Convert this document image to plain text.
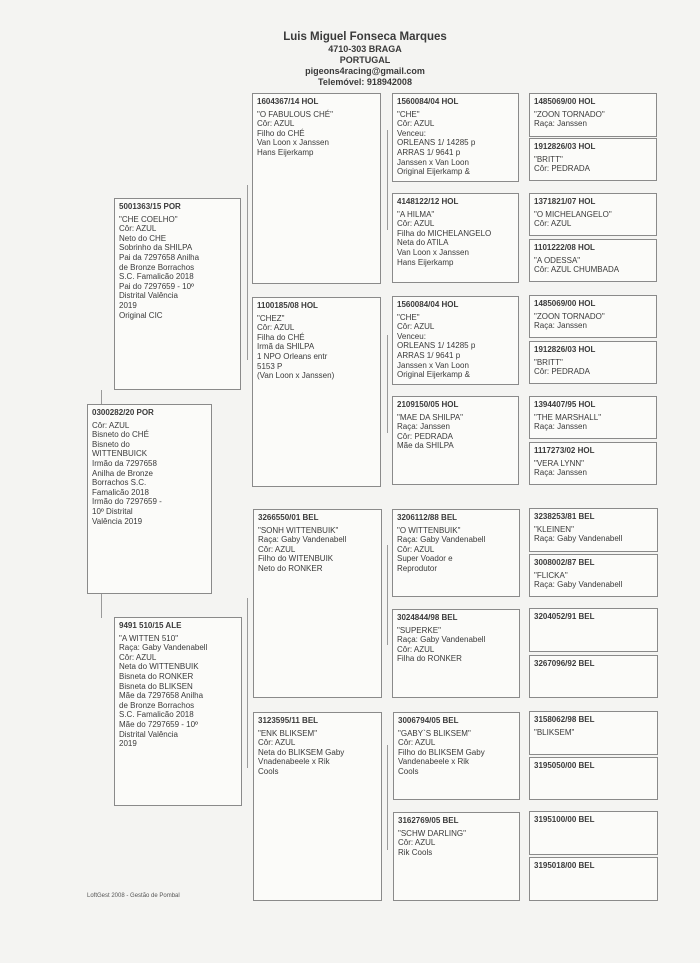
Luis Miguel Fonseca Marques
4710-303 BRAGA
PORTUGAL
pigeons4racing@gmail.com
Telemóvel: 918942008
0300282/20 POR
Côr: AZUL
Bisneto do CHÉ
Bisneto do
WITTENBUICK
Irmão da 7297658
Anilha de Bronze
Borrachos S.C.
Famalicão 2018
Irmão do 7297659 -
10º Distrital
Valência 2019
5001363/15 POR
"CHE COELHO"
Côr: AZUL
Neto do CHE
Sobrinho da SHILPA
Pai da 7297658 Anilha
de Bronze Borrachos
S.C. Famalicão 2018
Pai do 7297659 - 10º
Distrital Valência
2019
Original CIC
9491 510/15 ALE
"A WITTEN 510"
Raça: Gaby Vandenabell
Côr: AZUL
Neta do WITTENBUIK
Bisneta do RONKER
Bisneta do BLIKSEN
Mãe da 7297658 Anilha
de Bronze Borrachos
S.C. Famalicão 2018
Mãe do 7297659 - 10º
Distrital Valência
2019
1604367/14 HOL
"O FABULOUS CHÉ"
Côr: AZUL
Filho do CHÉ
Van Loon x Janssen
Hans Eijerkamp
1100185/08 HOL
"CHEZ"
Côr: AZUL
Filha do CHÉ
Irmã da SHILPA
1 NPO Orleans entr
5153 P
(Van Loon x Janssen)
3266550/01 BEL
"SONH WITTENBUIK"
Raça: Gaby Vandenabell
Côr: AZUL
Filho do WITENBUIK
Neto do RONKER
3123595/11 BEL
"ENK BLIKSEM"
Côr: AZUL
Neta do BLIKSEM Gaby
Vnadenabeele x Rik
Cools
1560084/04 HOL
"CHE"
Côr: AZUL
Venceu:
ORLEANS 1/ 14285 p
ARRAS 1/ 9641 p
Janssen x Van Loon
Original Eijerkamp &
4148122/12 HOL
"A HILMA"
Côr: AZUL
Filha do MICHELANGELO
Neta do ATILA
Van Loon x Janssen
Hans Eijerkamp
1560084/04 HOL
"CHE"
Côr: AZUL
Venceu:
ORLEANS 1/ 14285 p
ARRAS 1/ 9641 p
Janssen x Van Loon
Original Eijerkamp &
2109150/05 HOL
"MAE DA SHILPA"
Raça: Janssen
Côr: PEDRADA
Mãe da SHILPA
3206112/88 BEL
"O WITTENBUIK"
Raça: Gaby Vandenabell
Côr: AZUL
Super Voador e
Reprodutor
3024844/98 BEL
"SUPERKE"
Raça: Gaby Vandenabell
Côr: AZUL
Filha do RONKER
3006794/05 BEL
"GABY`S BLIKSEM"
Côr: AZUL
Filho do BLIKSEM Gaby
Vandenabeele x Rik
Cools
3162769/05 BEL
"SCHW DARLING"
Côr: AZUL
Rik Cools
1485069/00 HOL
"ZOON TORNADO"
Raça: Janssen
1912826/03 HOL
"BRITT"
Côr: PEDRADA
1371821/07 HOL
"O MICHELANGELO"
Côr: AZUL
1101222/08 HOL
"A ODESSA"
Côr: AZUL CHUMBADA
1485069/00 HOL
"ZOON TORNADO"
Raça: Janssen
1912826/03 HOL
"BRITT"
Côr: PEDRADA
1394407/95 HOL
"THE MARSHALL"
Raça: Janssen
1117273/02 HOL
"VERA LYNN"
Raça: Janssen
3238253/81 BEL
"KLEINEN"
Raça: Gaby Vandenabell
3008002/87 BEL
"FLICKA"
Raça: Gaby Vandenabell
3204052/91 BEL
3267096/92 BEL
3158062/98 BEL
"BLIKSEM"
3195050/00 BEL
3195100/00 BEL
3195018/00 BEL
LoftGest 2008 - Gestão de Pombal
